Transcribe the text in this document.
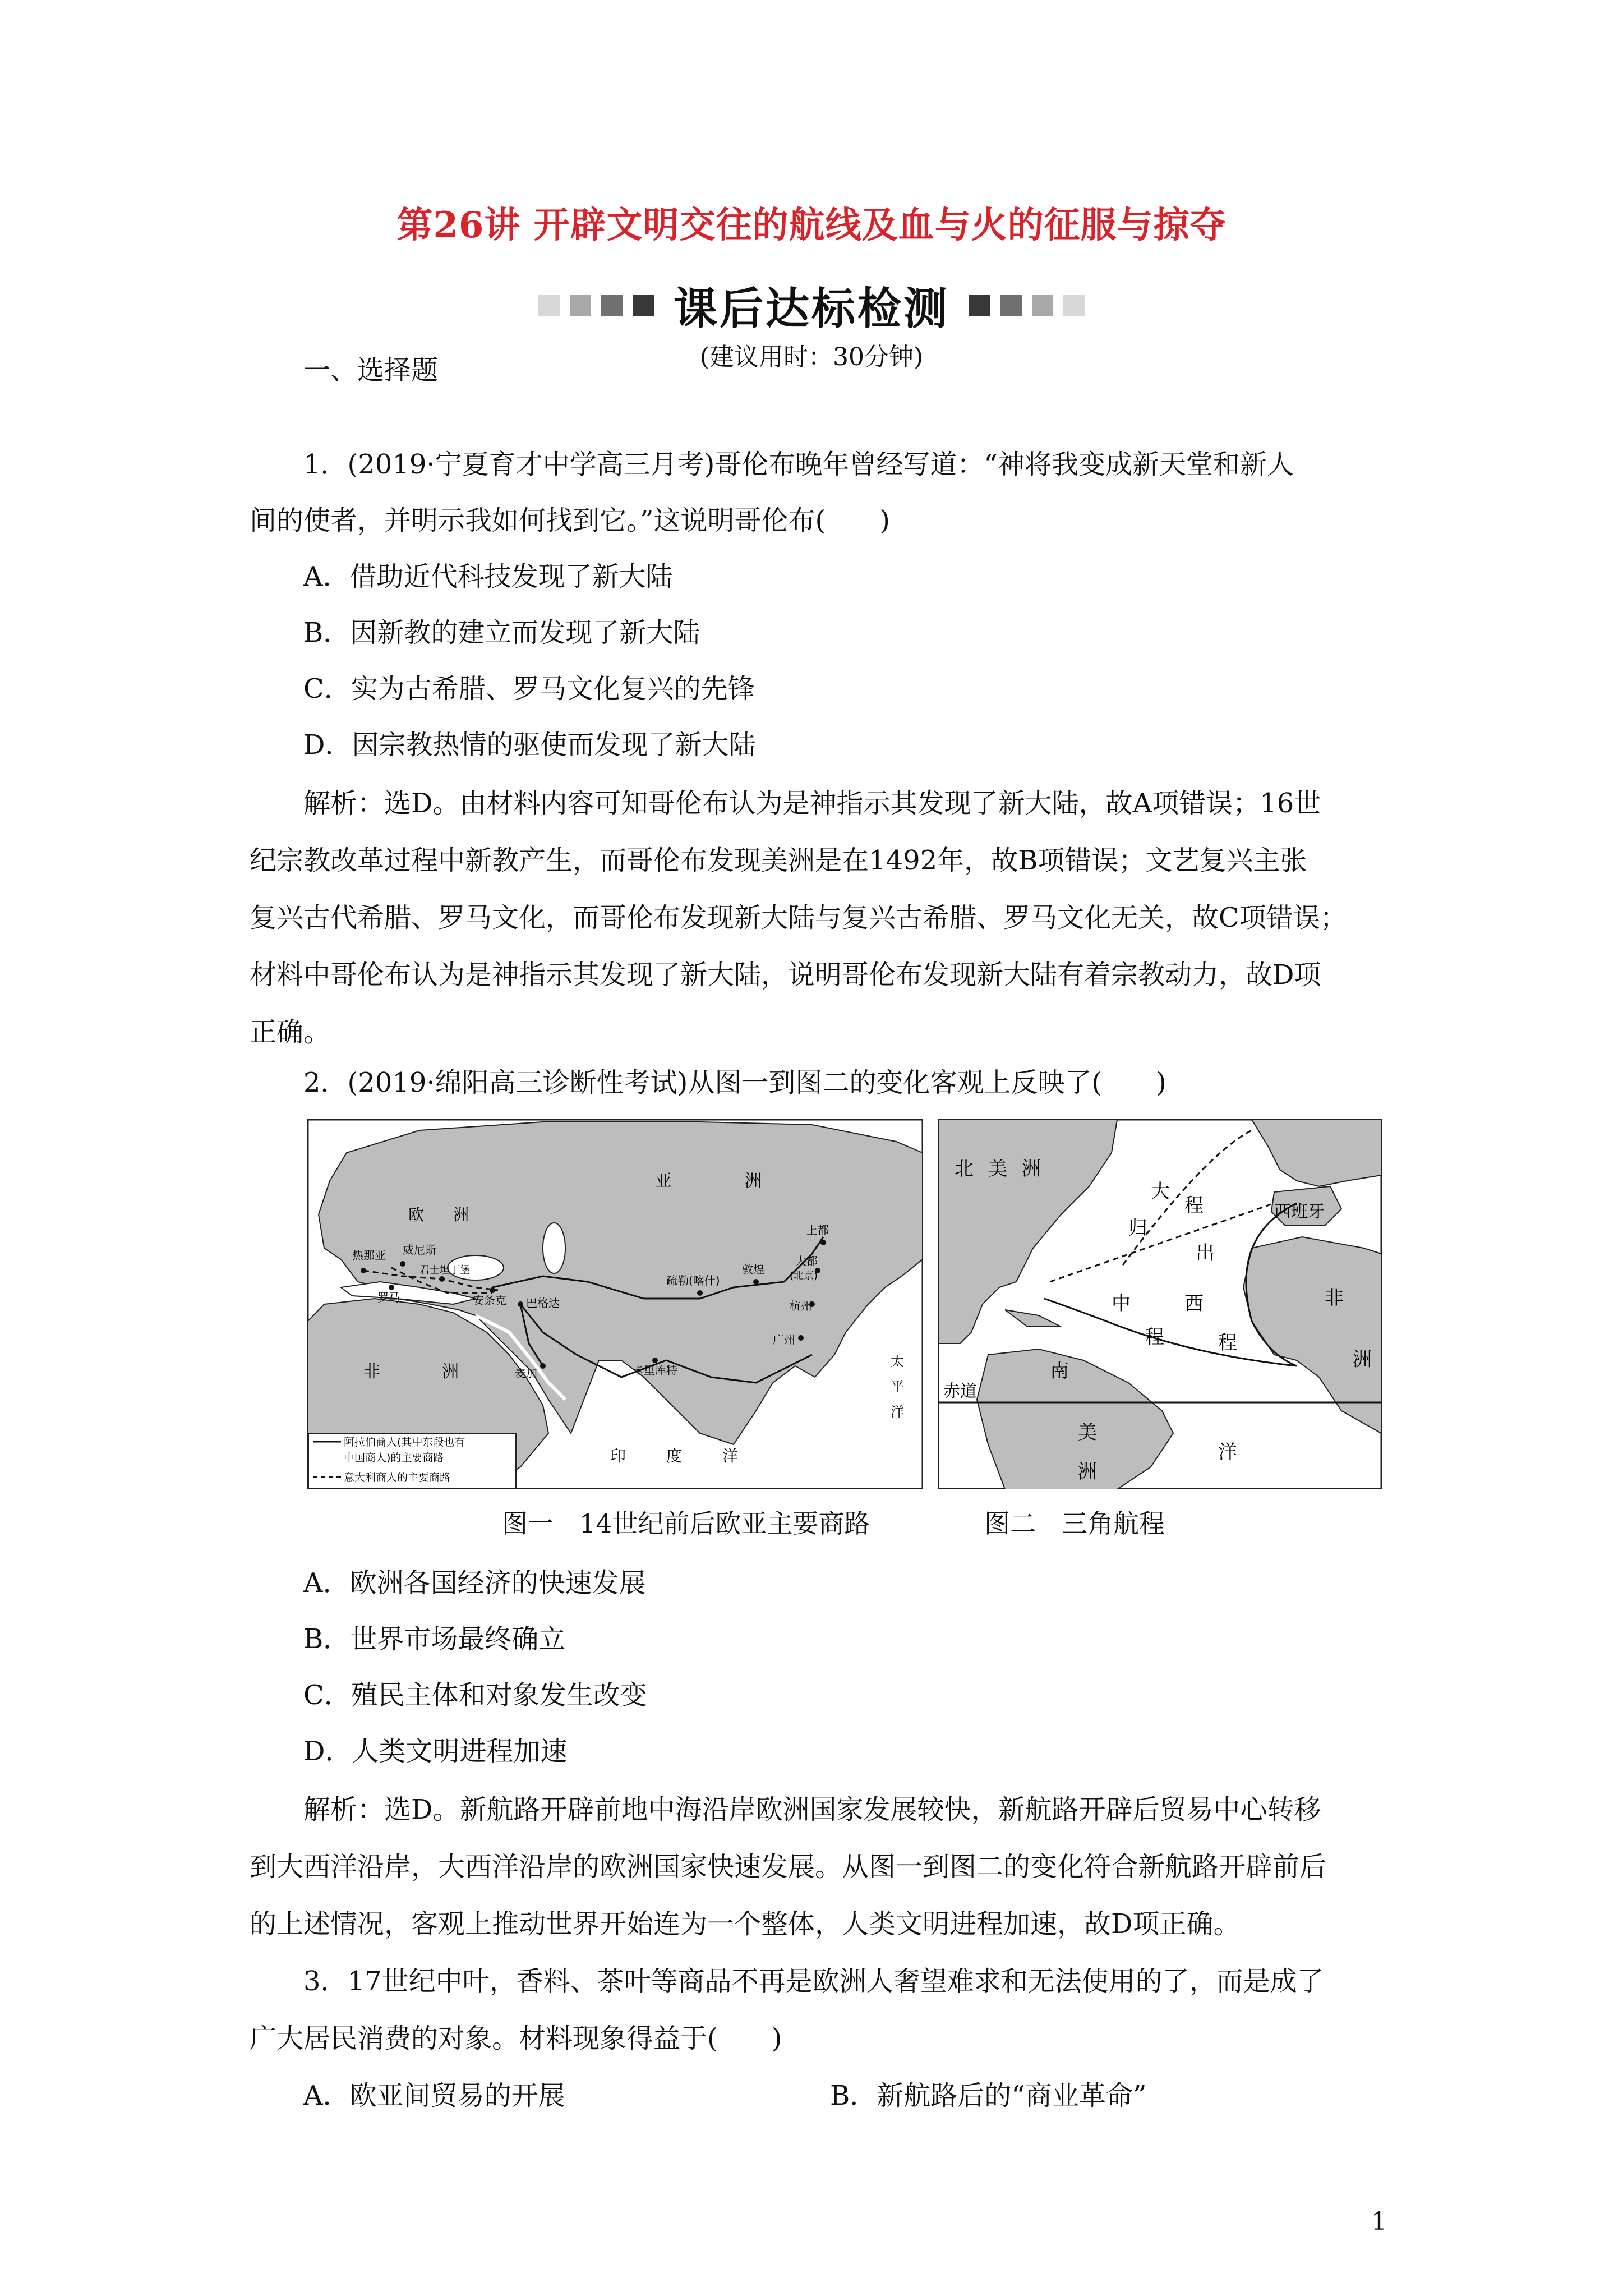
第26讲 开辟文明交往的航线及血与火的征服与掠夺
课后达标检测
(建议用时：30分钟)
一、选择题
1．(2019·宁夏育才中学高三月考)哥伦布晚年曾经写道：“神将我变成新天堂和新人
间的使者，并明示我如何找到它。”这说明哥伦布(　　)
A．借助近代科技发现了新大陆
B．因新教的建立而发现了新大陆
C．实为古希腊、罗马文化复兴的先锋
D．因宗教热情的驱使而发现了新大陆
解析：选D。由材料内容可知哥伦布认为是神指示其发现了新大陆，故A项错误；16世
纪宗教改革过程中新教产生，而哥伦布发现美洲是在1492年，故B项错误；文艺复兴主张
复兴古代希腊、罗马文化，而哥伦布发现新大陆与复兴古希腊、罗马文化无关，故C项错误；
材料中哥伦布认为是神指示其发现了新大陆，说明哥伦布发现新大陆有着宗教动力，故D项
正确。
2．(2019·绵阳高三诊断性考试)从图一到图二的变化客观上反映了(　　)
亚	洲
欧 洲
非	洲
太
平
洋
印	度	洋
热那亚 威尼斯
君士坦丁堡
罗马	安条克 巴格达
麦加	卡里库特
疏勒(喀什)
敦煌
上都
大都
(北京)
杭州
广州
阿拉伯商人(其中东段也有
中国商人)的主要商路
意大利商人的主要商路
北 美 洲
西班牙
非
洲
美
洲
南
赤道
大
程
归
出
中	西
程	程
洋
图一　14世纪前后欧亚主要商路	图二　三角航程
A．欧洲各国经济的快速发展
B．世界市场最终确立
C．殖民主体和对象发生改变
D．人类文明进程加速
解析：选D。新航路开辟前地中海沿岸欧洲国家发展较快，新航路开辟后贸易中心转移
到大西洋沿岸，大西洋沿岸的欧洲国家快速发展。从图一到图二的变化符合新航路开辟前后
的上述情况，客观上推动世界开始连为一个整体，人类文明进程加速，故D项正确。
3．17世纪中叶，香料、茶叶等商品不再是欧洲人奢望难求和无法使用的了，而是成了
广大居民消费的对象。材料现象得益于(　　)
A．欧亚间贸易的开展	B．新航路后的“商业革命”
1
